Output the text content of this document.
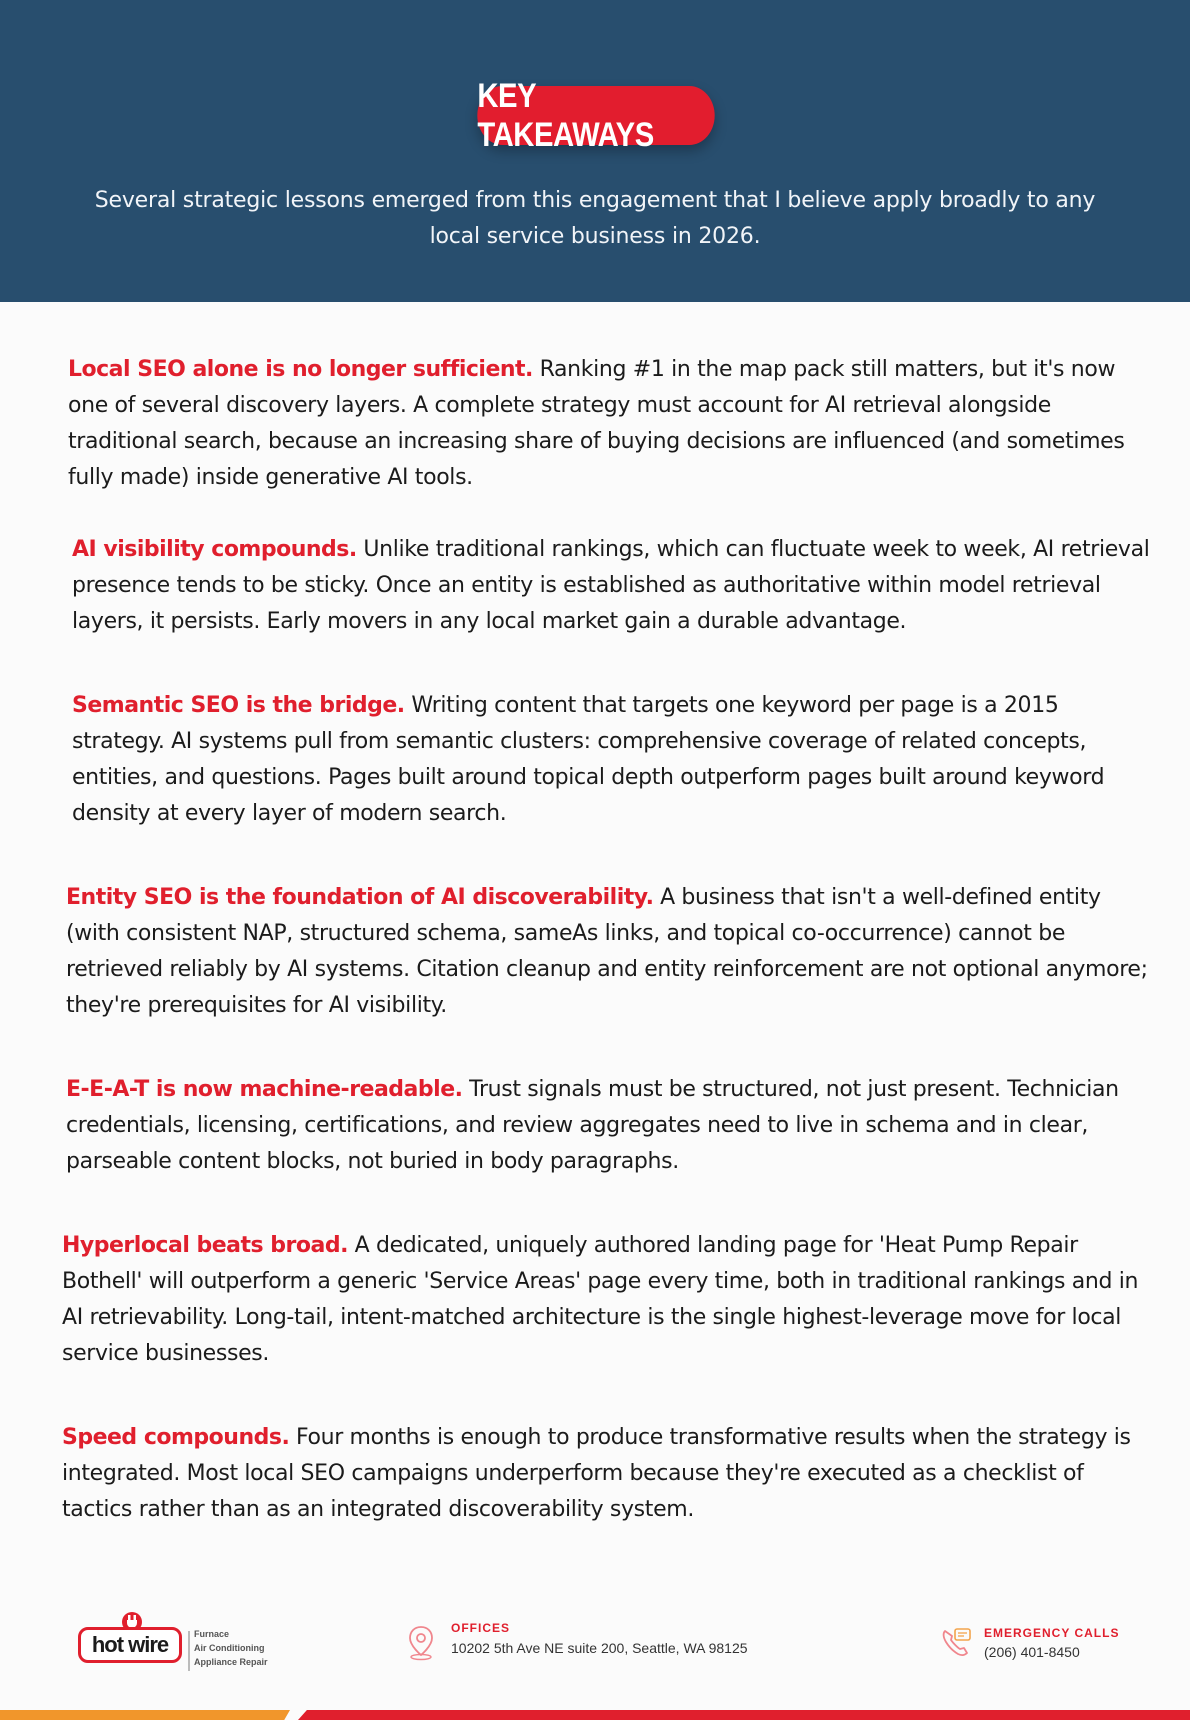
KEY TAKEAWAYS
Several strategic lessons emerged from this engagement that I believe apply broadly to any local service business in 2026.

Local SEO alone is no longer sufficient. Ranking #1 in the map pack still matters, but it's now one of several discovery layers. A complete strategy must account for AI retrieval alongside traditional search, because an increasing share of buying decisions are influenced (and sometimes fully made) inside generative AI tools.

AI visibility compounds. Unlike traditional rankings, which can fluctuate week to week, AI retrieval presence tends to be sticky. Once an entity is established as authoritative within model retrieval layers, it persists. Early movers in any local market gain a durable advantage.

Semantic SEO is the bridge. Writing content that targets one keyword per page is a 2015 strategy. AI systems pull from semantic clusters: comprehensive coverage of related concepts, entities, and questions. Pages built around topical depth outperform pages built around keyword density at every layer of modern search.

Entity SEO is the foundation of AI discoverability. A business that isn't a well-defined entity (with consistent NAP, structured schema, sameAs links, and topical co-occurrence) cannot be retrieved reliably by AI systems. Citation cleanup and entity reinforcement are not optional anymore; they're prerequisites for AI visibility.

E-E-A-T is now machine-readable. Trust signals must be structured, not just present. Technician credentials, licensing, certifications, and review aggregates need to live in schema and in clear, parseable content blocks, not buried in body paragraphs.

Hyperlocal beats broad. A dedicated, uniquely authored landing page for 'Heat Pump Repair Bothell' will outperform a generic 'Service Areas' page every time, both in traditional rankings and in AI retrievability. Long-tail, intent-matched architecture is the single highest-leverage move for local service businesses.

Speed compounds. Four months is enough to produce transformative results when the strategy is integrated. Most local SEO campaigns underperform because they're executed as a checklist of tactics rather than as an integrated discoverability system.

hot wire	Furnace
Air Conditioning
Appliance Repair
OFFICES
10202 5th Ave NE suite 200, Seattle, WA 98125
EMERGENCY CALLS
(206) 401-8450
